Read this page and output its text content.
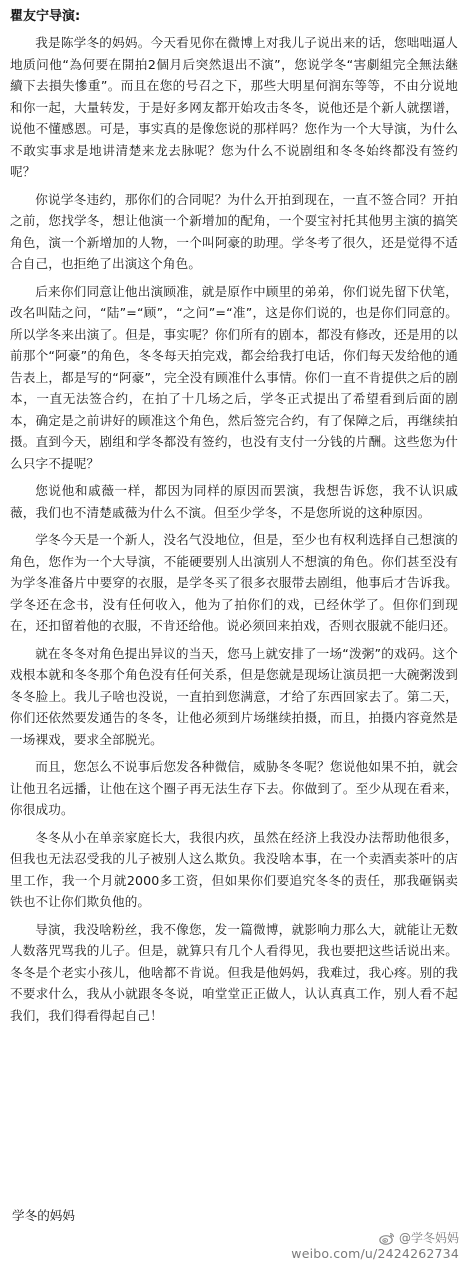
瞿友宁导演:

我是陈学冬的妈妈。今天看见你在微博上对我儿子说出来的话，您咄咄逼人地质问他“為何要在開拍2個月后突然退出不演”，您说学冬“害劇組完全無法継續下去損失慘重”。而且在您的号召之下，那些大明星何润东等等，不由分说地和你一起，大量转发，于是好多网友都开始攻击冬冬，说他还是个新人就摆谱，说他不懂感恩。可是，事实真的是像您说的那样吗？您作为一个大导演，为什么不敢实事求是地讲清楚来龙去脉呢？您为什么不说剧组和冬冬始终都没有签约呢？

你说学冬违约，那你们的合同呢？为什么开拍到现在，一直不签合同？开拍之前，您找学冬，想让他演一个新增加的配角，一个耍宝衬托其他男主演的搞笑角色，演一个新增加的人物，一个叫阿豪的助理。学冬考了很久，还是觉得不适合自己，也拒绝了出演这个角色。

后来你们同意让他出演顾准，就是原作中顾里的弟弟，你们说先留下伏笔，改名叫陆之问，“陆”=“顾”，“之问”=“准”，这是你们说的，也是你们同意的。所以学冬来出演了。但是，事实呢？你们所有的剧本，都没有修改，还是用的以前那个“阿豪”的角色，冬冬每天拍完戏，都会给我打电话，你们每天发给他的通告表上，都是写的“阿豪”，完全没有顾准什么事情。你们一直不肯提供之后的剧本，一直无法签合约，在拍了十几场之后，学冬正式提出了希望看到后面的剧本，确定是之前讲好的顾准这个角色，然后签完合约，有了保障之后，再继续拍摄。直到今天，剧组和学冬都没有签约，也没有支付一分钱的片酬。这些您为什么只字不提呢？

您说他和戚薇一样，都因为同样的原因而罢演，我想告诉您，我不认识戚薇，我们也不清楚戚薇为什么不演。但至少学冬，不是您所说的这种原因。

学冬今天是一个新人，没名气没地位，但是，至少也有权利选择自己想演的角色，您作为一个大导演，不能硬要别人出演别人不想演的角色。你们甚至没有为学冬准备片中要穿的衣服，是学冬买了很多衣服带去剧组，他事后才告诉我。学冬还在念书，没有任何收入，他为了拍你们的戏，已经休学了。但你们到现在，还扣留着他的衣服，不肯还给他。说必须回来拍戏，否则衣服就不能归还。

就在冬冬对角色提出异议的当天，您马上就安排了一场“泼粥”的戏码。这个戏根本就和冬冬那个角色没有任何关系，但是您就是现场让演员把一大碗粥泼到冬冬脸上。我儿子啥也没说，一直拍到您满意，才给了东西回家去了。第二天，你们还依然要发通告的冬冬，让他必须到片场继续拍摄，而且，拍摄内容竟然是一场裸戏，要求全部脱光。

而且，您怎么不说事后您发各种微信，威胁冬冬呢？您说他如果不拍，就会让他丑名远播，让他在这个圈子再无法生存下去。你做到了。至少从现在看来，你很成功。

冬冬从小在单亲家庭长大，我很内疚，虽然在经济上我没办法帮助他很多，但我也无法忍受我的儿子被别人这么欺负。我没啥本事，在一个卖酒卖茶叶的店里工作，我一个月就2000多工资，但如果你们要追究冬冬的责任，那我砸锅卖铁也不让你们欺负他的。

导演，我没啥粉丝，我不像您，发一篇微博，就影响力那么大，就能让无数人数落咒骂我的儿子。但是，就算只有几个人看得见，我也要把这些话说出来。冬冬是个老实小孩儿，他啥都不肯说。但我是他妈妈，我难过，我心疼。别的我不要求什么，我从小就跟冬冬说，咱堂堂正正做人，认认真真工作，别人看不起我们，我们得看得起自己！

学冬的妈妈
@学冬妈妈
weibo.com/u/2424262734
